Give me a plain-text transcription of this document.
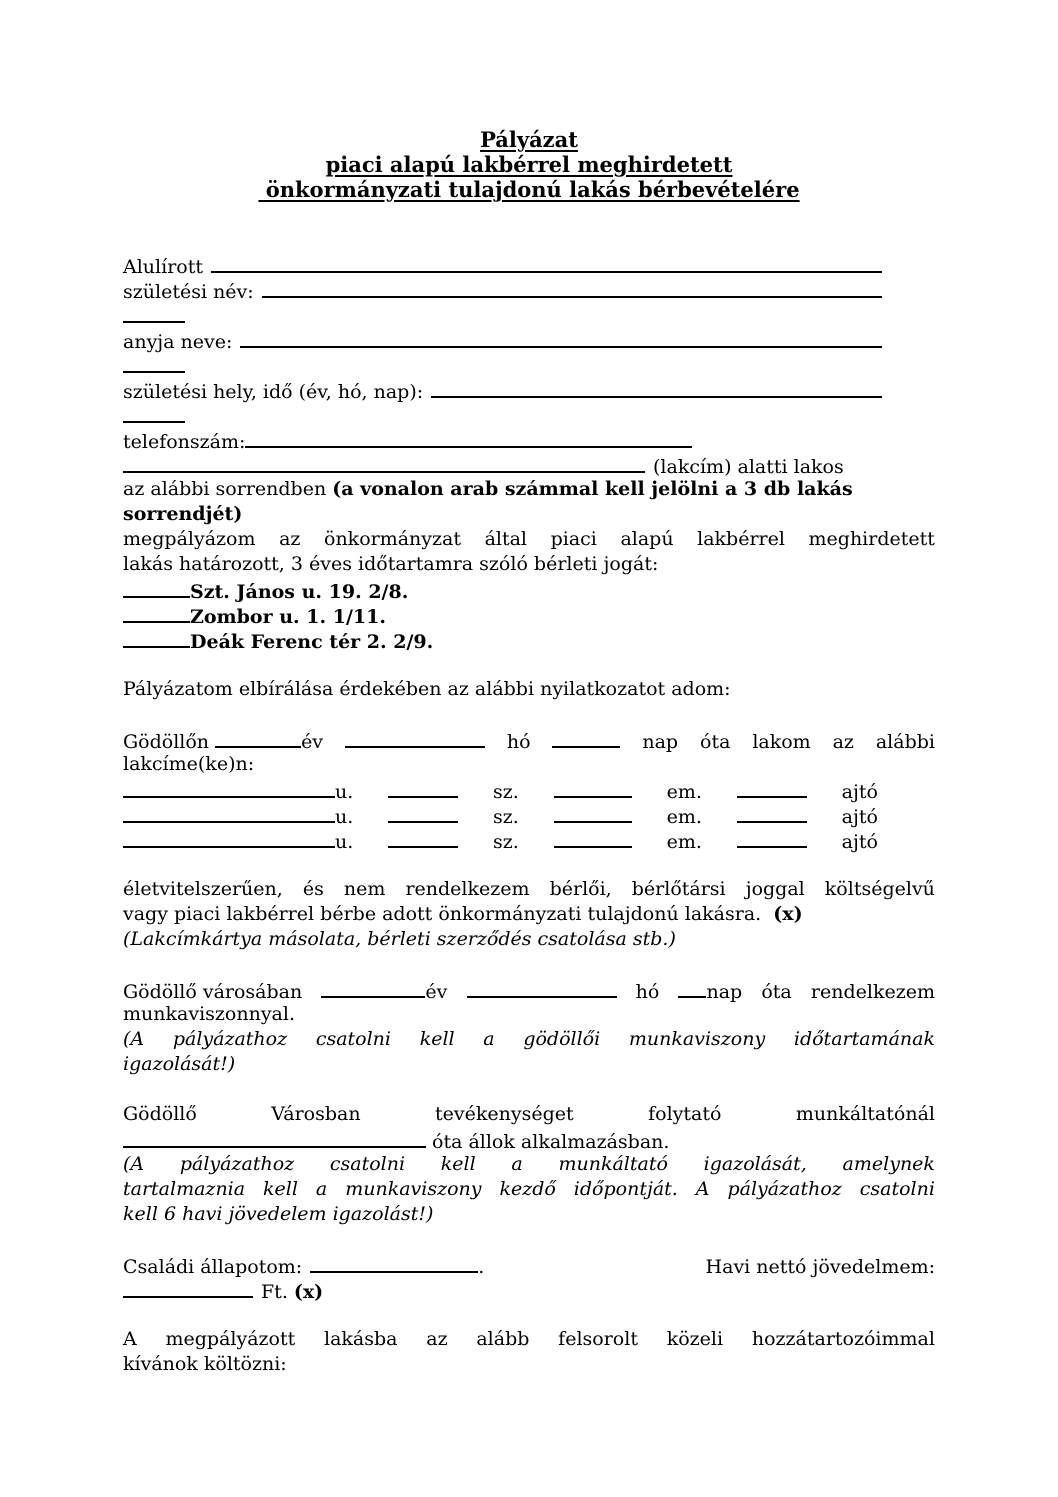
Pályázat
piaci alapú lakbérrel meghirdetett
önkormányzati tulajdonú lakás bérbevételére
Alulírott
születési név:
anyja neve:
születési hely, idő (év, hó, nap):
telefonszám:
(lakcím) alatti lakos
az alábbi sorrendben (a vonalon arab számmal kell jelölni a 3 db lakás
sorrendjét)
megpályázom az önkormányzat által piaci alapú lakbérrel meghirdetett
lakás határozott, 3 éves időtartamra szóló bérleti jogát:
Szt. János u. 19. 2/8.
Zombor u. 1. 1/11.
Deák Ferenc tér 2. 2/9.
Pályázatom elbírálása érdekében az alábbi nyilatkozatot adom:
Gödöllőn	év	hó	nap óta lakom az alábbi
lakcíme(ke)n:
u.	sz.	em.	ajtó
u.	sz.	em.	ajtó
u.	sz.	em.	ajtó
életvitelszerűen, és nem rendelkezem bérlői, bérlőtársi joggal költségelvű
vagy piaci lakbérrel bérbe adott önkormányzati tulajdonú lakásra. (x)
(Lakcímkártya másolata, bérleti szerződés csatolása stb.)
Gödöllő városában	év	hó nap óta rendelkezem
munkaviszonnyal.
(A pályázathoz csatolni kell a gödöllői munkaviszony időtartamának
igazolását!)
Gödöllő	Városban	tevékenységet	folytató	munkáltatónál
óta állok alkalmazásban.
(A pályázathoz csatolni kell a munkáltató igazolását, amelynek
tartalmaznia kell a munkaviszony kezdő időpontját. A pályázathoz csatolni
kell 6 havi jövedelem igazolást!)
Családi állapotom:	.	Havi nettó jövedelmem:
Ft. (x)
A megpályázott lakásba az alább felsorolt közeli hozzátartozóimmal
kívánok költözni:
